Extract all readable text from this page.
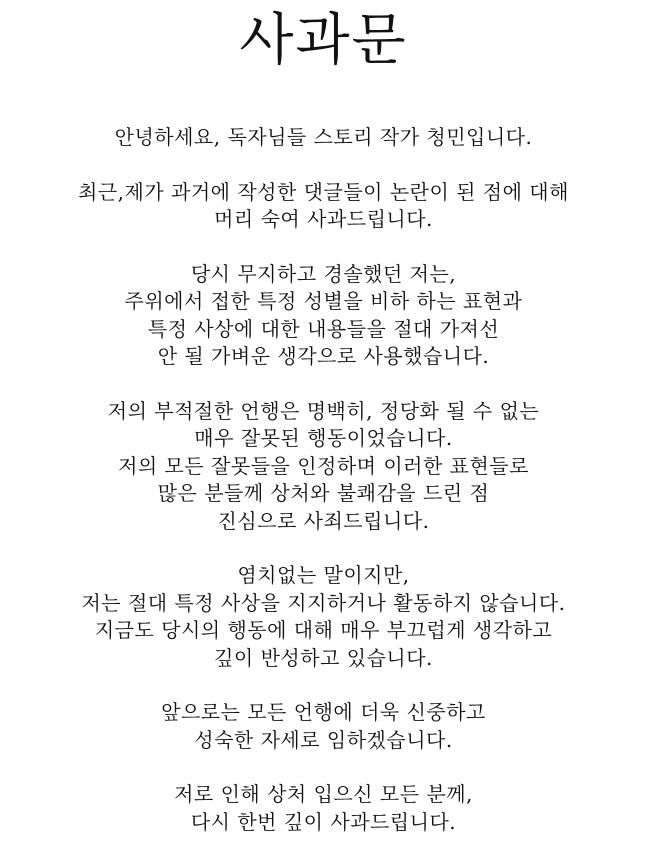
사과문

안녕하세요, 독자님들 스토리 작가 청민입니다.

최근,제가 과거에 작성한 댓글들이 논란이 된 점에 대해
머리 숙여 사과드립니다.

당시 무지하고 경솔했던 저는,
주위에서 접한 특정 성별을 비하 하는 표현과
특정 사상에 대한 내용들을 절대 가져선
안 될 가벼운 생각으로 사용했습니다.

저의 부적절한 언행은 명백히, 정당화 될 수 없는
매우 잘못된 행동이었습니다.
저의 모든 잘못들을 인정하며 이러한 표현들로
많은 분들께 상처와 불쾌감을 드린 점
진심으로 사죄드립니다.

염치없는 말이지만,
저는 절대 특정 사상을 지지하거나 활동하지 않습니다.
지금도 당시의 행동에 대해 매우 부끄럽게 생각하고
깊이 반성하고 있습니다.

앞으로는 모든 언행에 더욱 신중하고
성숙한 자세로 임하겠습니다.

저로 인해 상처 입으신 모든 분께,
다시 한번 깊이 사과드립니다.
